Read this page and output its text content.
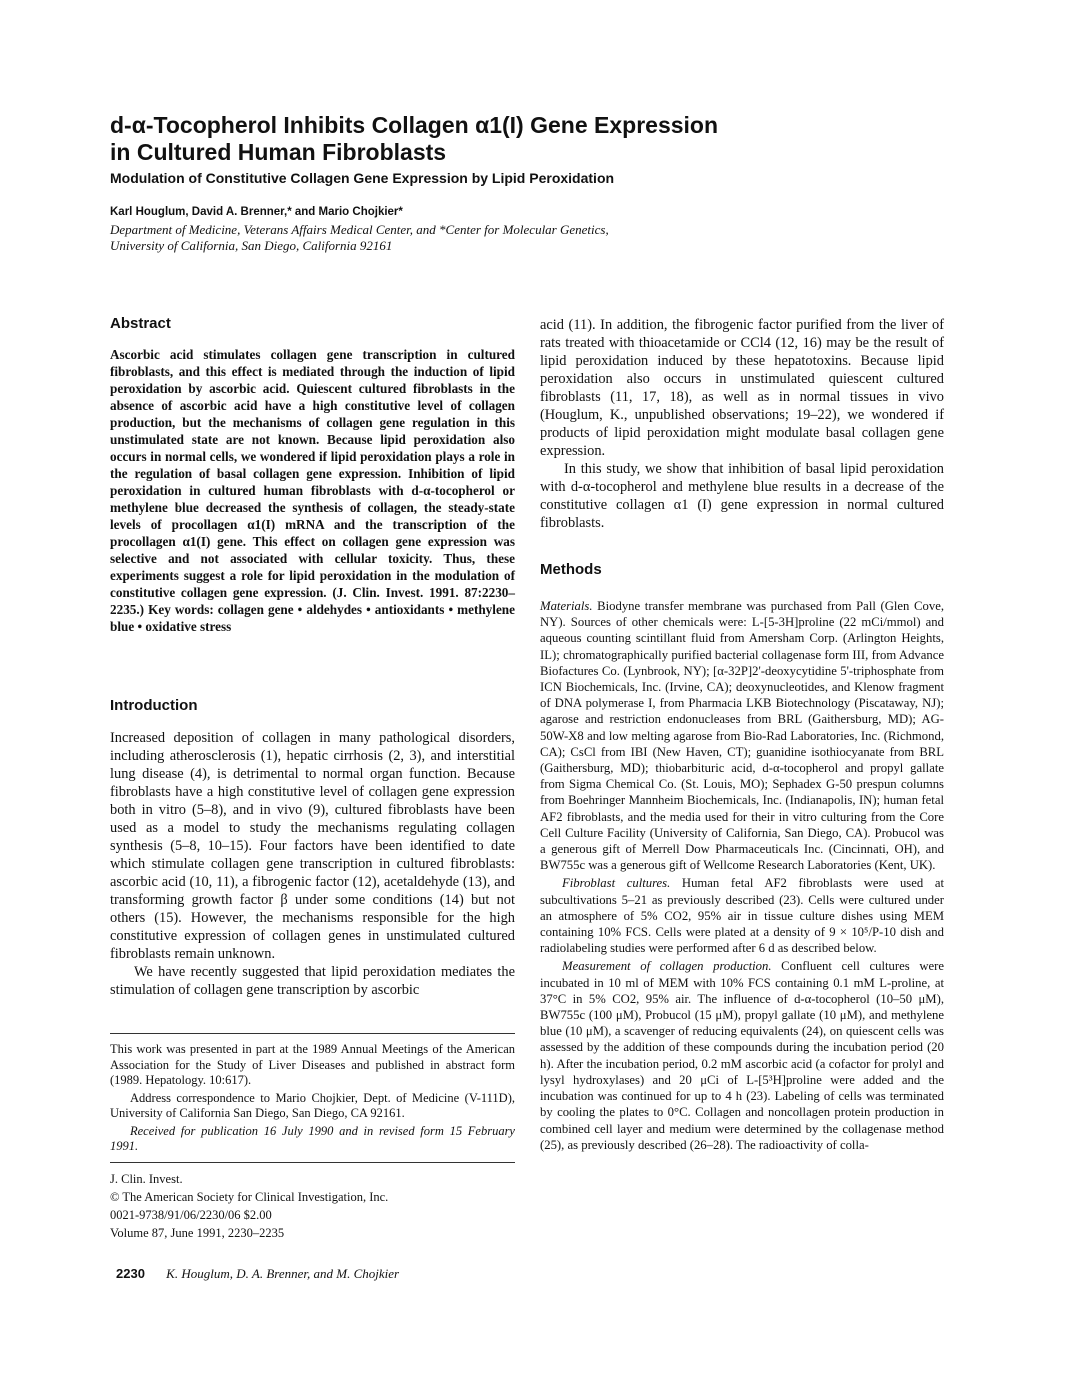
d-α-Tocopherol Inhibits Collagen α1(I) Gene Expression
in Cultured Human Fibroblasts
Modulation of Constitutive Collagen Gene Expression by Lipid Peroxidation
Karl Houglum, David A. Brenner,* and Mario Chojkier*
Department of Medicine, Veterans Affairs Medical Center, and *Center for Molecular Genetics,
University of California, San Diego, California 92161
Abstract
Ascorbic acid stimulates collagen gene transcription in cultured fibroblasts, and this effect is mediated through the induction of lipid peroxidation by ascorbic acid. Quiescent cultured fibroblasts in the absence of ascorbic acid have a high constitutive level of collagen production, but the mechanisms of collagen gene regulation in this unstimulated state are not known. Because lipid peroxidation also occurs in normal cells, we wondered if lipid peroxidation plays a role in the regulation of basal collagen gene expression. Inhibition of lipid peroxidation in cultured human fibroblasts with d-α-tocopherol or methylene blue decreased the synthesis of collagen, the steady-state levels of procollagen α1(I) mRNA and the transcription of the procollagen α1(I) gene. This effect on collagen gene expression was selective and not associated with cellular toxicity. Thus, these experiments suggest a role for lipid peroxidation in the modulation of constitutive collagen gene expression. (J. Clin. Invest. 1991. 87:2230–2235.) Key words: collagen gene • aldehydes • antioxidants • methylene blue • oxidative stress
Introduction

Increased deposition of collagen in many pathological disorders, including atherosclerosis (1), hepatic cirrhosis (2, 3), and interstitial lung disease (4), is detrimental to normal organ function. Because fibroblasts have a high constitutive level of collagen gene expression both in vitro (5–8), and in vivo (9), cultured fibroblasts have been used as a model to study the mechanisms regulating collagen synthesis (5–8, 10–15). Four factors have been identified to date which stimulate collagen gene transcription in cultured fibroblasts: ascorbic acid (10, 11), a fibrogenic factor (12), acetaldehyde (13), and transforming growth factor β under some conditions (14) but not others (15). However, the mechanisms responsible for the high constitutive expression of collagen genes in unstimulated cultured fibroblasts remain unknown.

We have recently suggested that lipid peroxidation mediates the stimulation of collagen gene transcription by ascorbic

This work was presented in part at the 1989 Annual Meetings of the American Association for the Study of Liver Diseases and published in abstract form (1989. Hepatology. 10:617).

Address correspondence to Mario Chojkier, Dept. of Medicine (V-111D), University of California San Diego, San Diego, CA 92161.

Received for publication 16 July 1990 and in revised form 15 February 1991.

J. Clin. Invest.
© The American Society for Clinical Investigation, Inc.
0021-9738/91/06/2230/06 $2.00
Volume 87, June 1991, 2230–2235
2230 K. Houglum, D. A. Brenner, and M. Chojkier

acid (11). In addition, the fibrogenic factor purified from the liver of rats treated with thioacetamide or CCl4 (12, 16) may be the result of lipid peroxidation induced by these hepatotoxins. Because lipid peroxidation also occurs in unstimulated quiescent cultured fibroblasts (11, 17, 18), as well as in normal tissues in vivo (Houglum, K., unpublished observations; 19–22), we wondered if products of lipid peroxidation might modulate basal collagen gene expression.

In this study, we show that inhibition of basal lipid peroxidation with d-α-tocopherol and methylene blue results in a decrease of the constitutive collagen α1 (I) gene expression in normal cultured fibroblasts.

Methods

Materials. Biodyne transfer membrane was purchased from Pall (Glen Cove, NY). Sources of other chemicals were: L-[5-3H]proline (22 mCi/mmol) and aqueous counting scintillant fluid from Amersham Corp. (Arlington Heights, IL); chromatographically purified bacterial collagenase form III, from Advance Biofactures Co. (Lynbrook, NY); [α-32P]2'-deoxycytidine 5'-triphosphate from ICN Biochemicals, Inc. (Irvine, CA); deoxynucleotides, and Klenow fragment of DNA polymerase I, from Pharmacia LKB Biotechnology (Piscataway, NJ); agarose and restriction endonucleases from BRL (Gaithersburg, MD); AG-50W-X8 and low melting agarose from Bio-Rad Laboratories, Inc. (Richmond, CA); CsCl from IBI (New Haven, CT); guanidine isothiocyanate from BRL (Gaithersburg, MD); thiobarbituric acid, d-α-tocopherol and propyl gallate from Sigma Chemical Co. (St. Louis, MO); Sephadex G-50 prespun columns from Boehringer Mannheim Biochemicals, Inc. (Indianapolis, IN); human fetal AF2 fibroblasts, and the media used for their in vitro culturing from the Core Cell Culture Facility (University of California, San Diego, CA). Probucol was a generous gift of Merrell Dow Pharmaceuticals Inc. (Cincinnati, OH), and BW755c was a generous gift of Wellcome Research Laboratories (Kent, UK).

Fibroblast cultures. Human fetal AF2 fibroblasts were used at subcultivations 5–21 as previously described (23). Cells were cultured under an atmosphere of 5% CO2, 95% air in tissue culture dishes using MEM containing 10% FCS. Cells were plated at a density of 9 × 10⁵/P-10 dish and radiolabeling studies were performed after 6 d as described below.

Measurement of collagen production. Confluent cell cultures were incubated in 10 ml of MEM with 10% FCS containing 0.1 mM L-proline, at 37°C in 5% CO2, 95% air. The influence of d-α-tocopherol (10–50 μM), BW755c (100 μM), Probucol (15 μM), propyl gallate (10 μM), and methylene blue (10 μM), a scavenger of reducing equivalents (24), on quiescent cells was assessed by the addition of these compounds during the incubation period (20 h). After the incubation period, 0.2 mM ascorbic acid (a cofactor for prolyl and lysyl hydroxylases) and 20 μCi of L-[5³H]proline were added and the incubation was continued for up to 4 h (23). Labeling of cells was terminated by cooling the plates to 0°C. Collagen and noncollagen protein production in combined cell layer and medium were determined by the collagenase method (25), as previously described (26–28). The radioactivity of colla-
